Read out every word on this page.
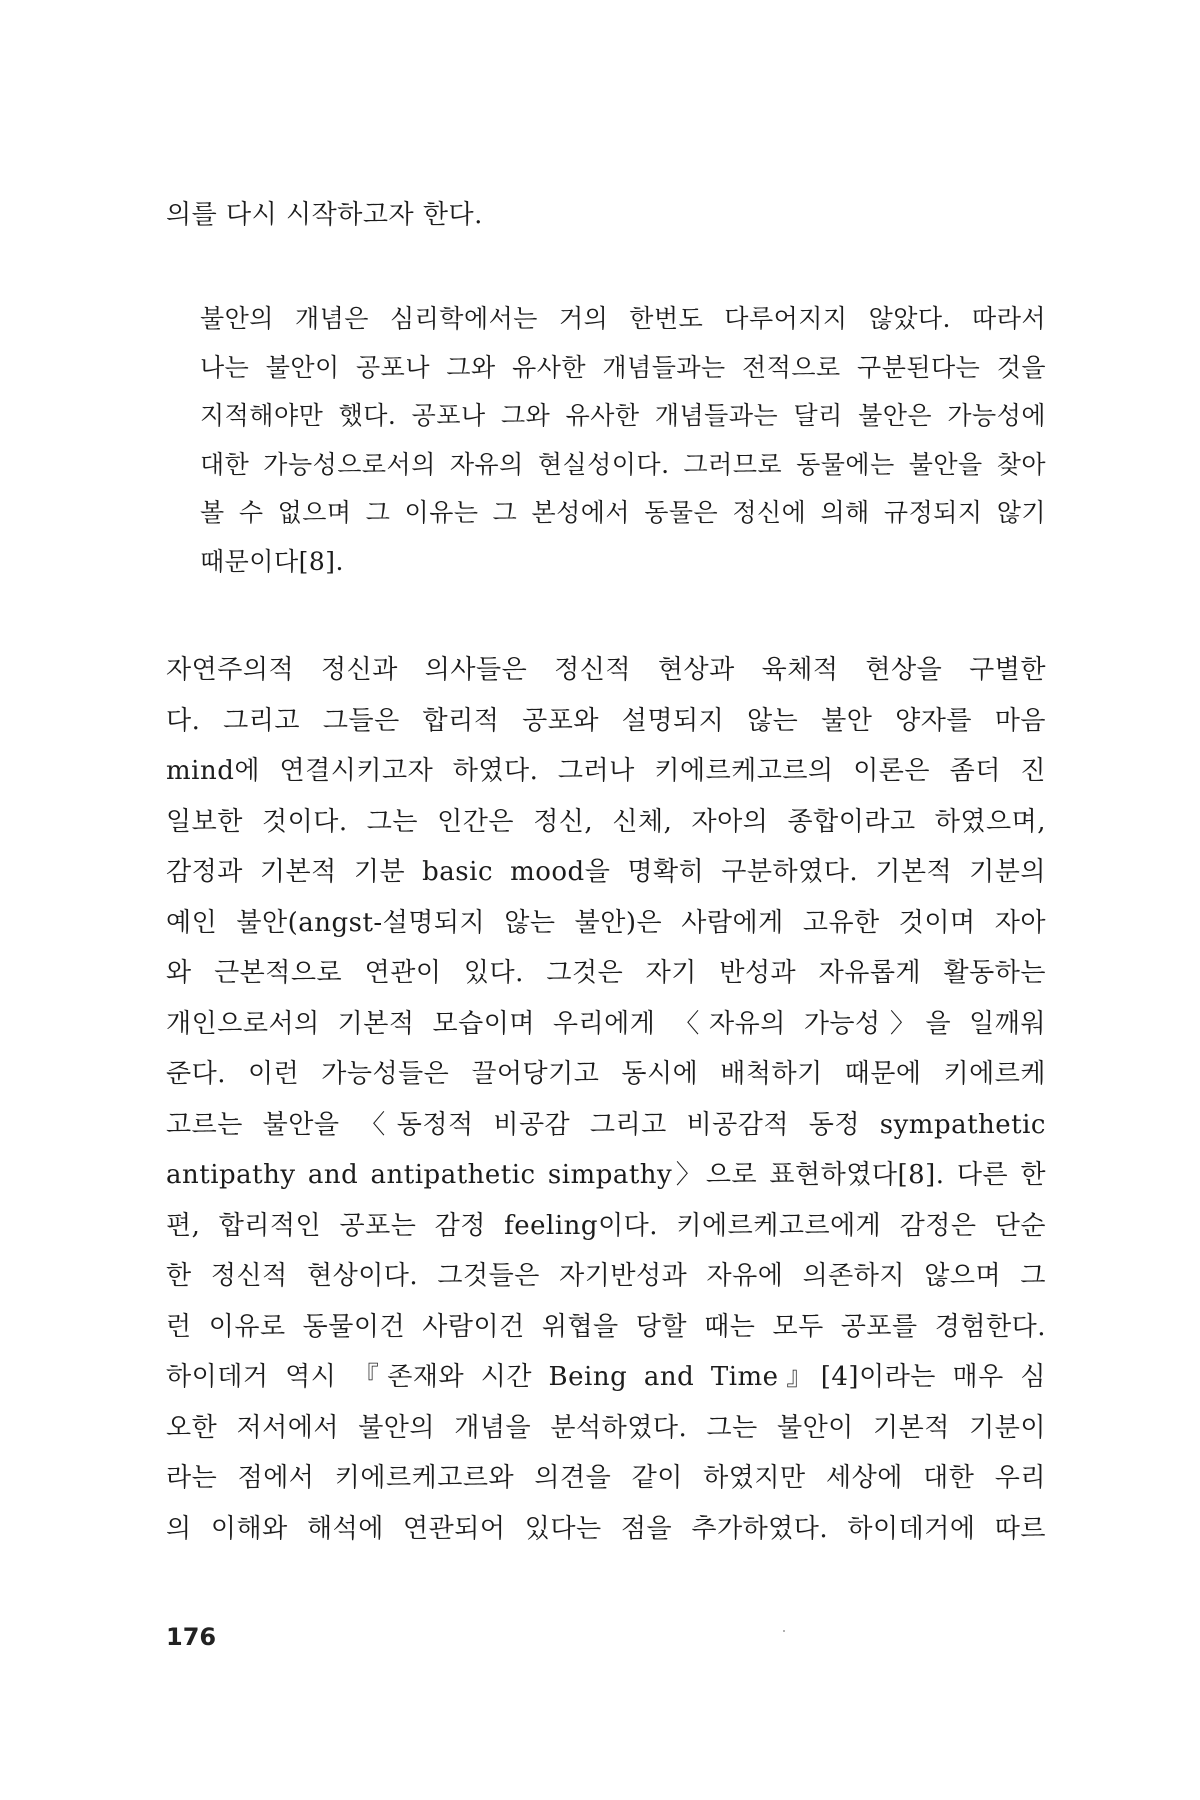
의를 다시 시작하고자 한다.
불안의 개념은 심리학에서는 거의 한번도 다루어지지 않았다. 따라서
나는 불안이 공포나 그와 유사한 개념들과는 전적으로 구분된다는 것을
지적해야만 했다. 공포나 그와 유사한 개념들과는 달리 불안은 가능성에
대한 가능성으로서의 자유의 현실성이다. 그러므로 동물에는 불안을 찾아
볼 수 없으며 그 이유는 그 본성에서 동물은 정신에 의해 규정되지 않기
때문이다[8].
자연주의적 정신과 의사들은 정신적 현상과 육체적 현상을 구별한
다. 그리고 그들은 합리적 공포와 설명되지 않는 불안 양자를 마음
mind에 연결시키고자 하였다. 그러나 키에르케고르의 이론은 좀더 진
일보한 것이다. 그는 인간은 정신, 신체, 자아의 종합이라고 하였으며,
감정과 기본적 기분 basic mood을 명확히 구분하였다. 기본적 기분의
예인 불안(angst-설명되지 않는 불안)은 사람에게 고유한 것이며 자아
와 근본적으로 연관이 있다. 그것은 자기 반성과 자유롭게 활동하는
개인으로서의 기본적 모습이며 우리에게 〈자유의 가능성〉을 일깨워
준다. 이런 가능성들은 끌어당기고 동시에 배척하기 때문에 키에르케
고르는 불안을 〈동정적 비공감 그리고 비공감적 동정 sympathetic
antipathy and antipathetic simpathy〉으로 표현하였다[8]. 다른 한
편, 합리적인 공포는 감정 feeling이다. 키에르케고르에게 감정은 단순
한 정신적 현상이다. 그것들은 자기반성과 자유에 의존하지 않으며 그
런 이유로 동물이건 사람이건 위협을 당할 때는 모두 공포를 경험한다.
하이데거 역시 『존재와 시간 Being and Time』[4]이라는 매우 심
오한 저서에서 불안의 개념을 분석하였다. 그는 불안이 기본적 기분이
라는 점에서 키에르케고르와 의견을 같이 하였지만 세상에 대한 우리
의 이해와 해석에 연관되어 있다는 점을 추가하였다. 하이데거에 따르
176
